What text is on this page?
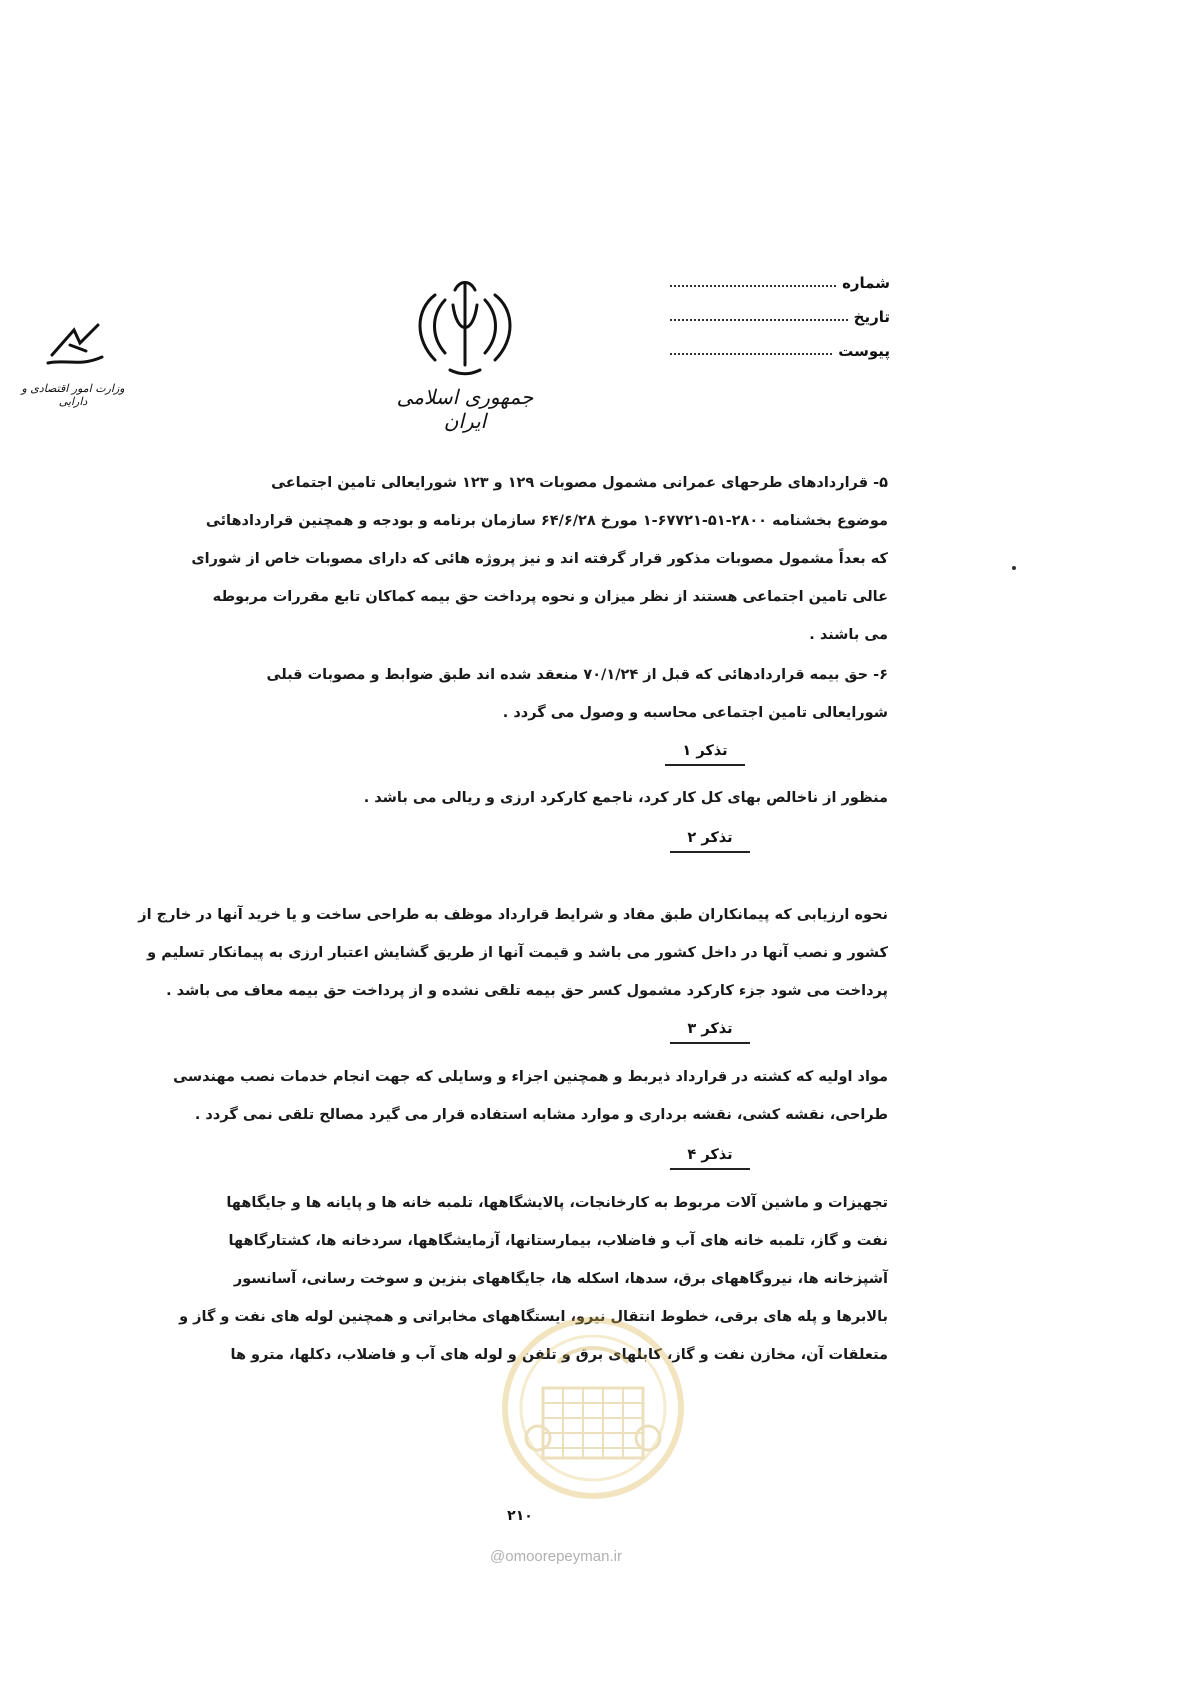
جمهوری اسلامی ایران
وزارت امور اقتصادی و دارایی
شماره
تاریخ
پیوست
۵- قراردادهای طرحهای عمرانی مشمول مصوبات ۱۲۹ و ۱۲۳ شورایعالی تامین اجتماعی
موضوع بخشنامه ۲۸۰۰-۵۱-۶۷۷۲۱-۱ مورخ ۶۴/۶/۲۸ سازمان برنامه و بودجه و همچنین قراردادهائی
که بعداً مشمول مصوبات مذکور قرار گرفته اند و نیز پروژه هائی که دارای مصوبات خاص از شورای
عالی تامین اجتماعی هستند از نظر میزان و نحوه پرداخت حق بیمه کماکان تابع مقررات مربوطه
می باشند .
۶- حق بیمه قراردادهائی که قبل از ۷۰/۱/۲۴ منعقد شده اند طبق ضوابط و مصوبات قبلی
شورایعالی تامین اجتماعی محاسبه و وصول می گردد .
تذکر ۱
منظور از ناخالص بهای کل کار کرد، ناجمع کارکرد ارزی و ریالی می باشد .
تذکر ۲
نحوه ارزیابی که پیمانکاران طبق مفاد و شرایط قرارداد موظف به طراحی ساخت و یا خرید آنها در خارج از
کشور و نصب آنها در داخل کشور می باشد و قیمت آنها از طریق گشایش اعتبار ارزی به پیمانکار تسلیم و
پرداخت می شود جزء کارکرد مشمول کسر حق بیمه تلقی نشده و از پرداخت حق بیمه معاف می باشد .
تذکر ۳
مواد اولیه که کشته در قرارداد ذیربط و همچنین اجزاء و وسایلی که جهت انجام خدمات نصب مهندسی
طراحی، نقشه کشی، نقشه برداری و موارد مشابه استفاده قرار می گیرد مصالح تلقی نمی گردد .
تذکر ۴
تجهیزات و ماشین آلات مربوط به کارخانجات، پالایشگاهها، تلمبه خانه ها و پایانه ها و جایگاهها
نفت و گاز، تلمبه خانه های آب و فاضلاب، بیمارستانها، آزمایشگاهها، سردخانه ها، کشتارگاهها
آشپزخانه ها، نیروگاههای برق، سدها، اسکله ها، جایگاههای بنزین و سوخت رسانی، آسانسور
بالابرها و پله های برقی، خطوط انتقال نیرو، ایستگاههای مخابراتی و همچنین لوله های نفت و گاز و
متعلقات آن، مخازن نفت و گاز، کابلهای برق و تلفن و لوله های آب و فاضلاب، دکلها، مترو ها
۲۱۰
@omoorepeyman.ir
